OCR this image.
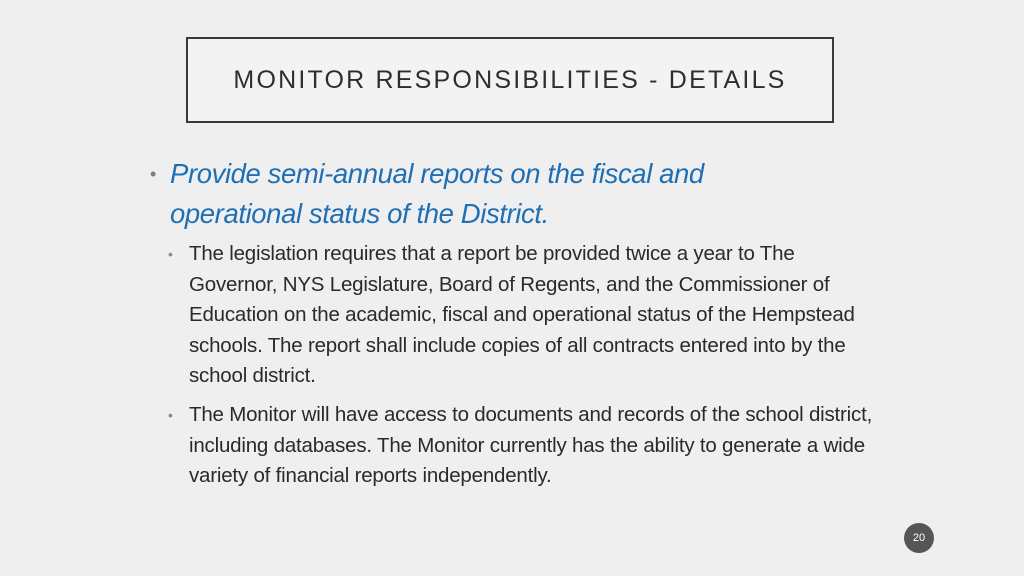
MONITOR RESPONSIBILITIES - DETAILS
• Provide semi-annual reports on the fiscal and operational status of the District.
• The legislation requires that a report be provided twice a year to The Governor, NYS Legislature, Board of Regents, and the Commissioner of Education on the academic, fiscal and operational status of the Hempstead schools. The report shall include copies of all contracts entered into by the school district.
• The Monitor will have access to documents and records of the school district, including databases. The Monitor currently has the ability to generate a wide variety of financial reports independently.
20
